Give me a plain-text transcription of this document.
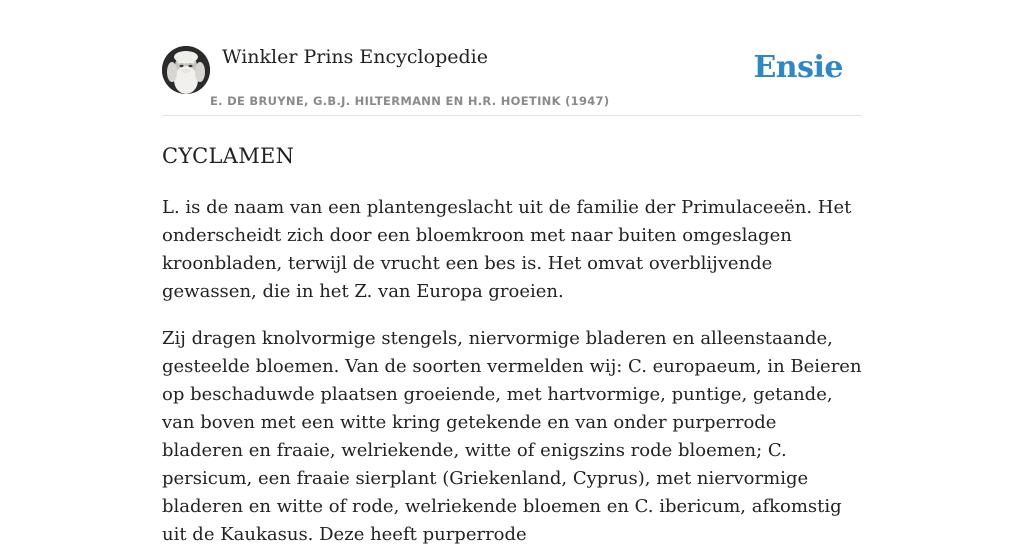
Winkler Prins Encyclopedie
E. DE BRUYNE, G.B.J. HILTERMANN EN H.R. HOETINK (1947)
Ensie
CYCLAMEN

L. is de naam van een plantengeslacht uit de familie der Primulaceeën. Het onderscheidt zich door een bloemkroon met naar buiten omgeslagen kroonbladen, terwijl de vrucht een bes is. Het omvat overblijvende gewassen, die in het Z. van Europa groeien.

Zij dragen knolvormige stengels, niervormige bladeren en alleenstaande, gesteelde bloemen. Van de soorten vermelden wij: C. europaeum, in Beieren op beschaduwde plaatsen groeiende, met hartvormige, puntige, getande, van boven met een witte kring getekende en van onder purperrode bladeren en fraaie, welriekende, witte of enigszins rode bloemen; C. persicum, een fraaie sierplant (Griekenland, Cyprus), met niervormige bladeren en witte of rode, welriekende bloemen en C. ibericum, afkomstig uit de Kaukasus. Deze heeft purperrode
